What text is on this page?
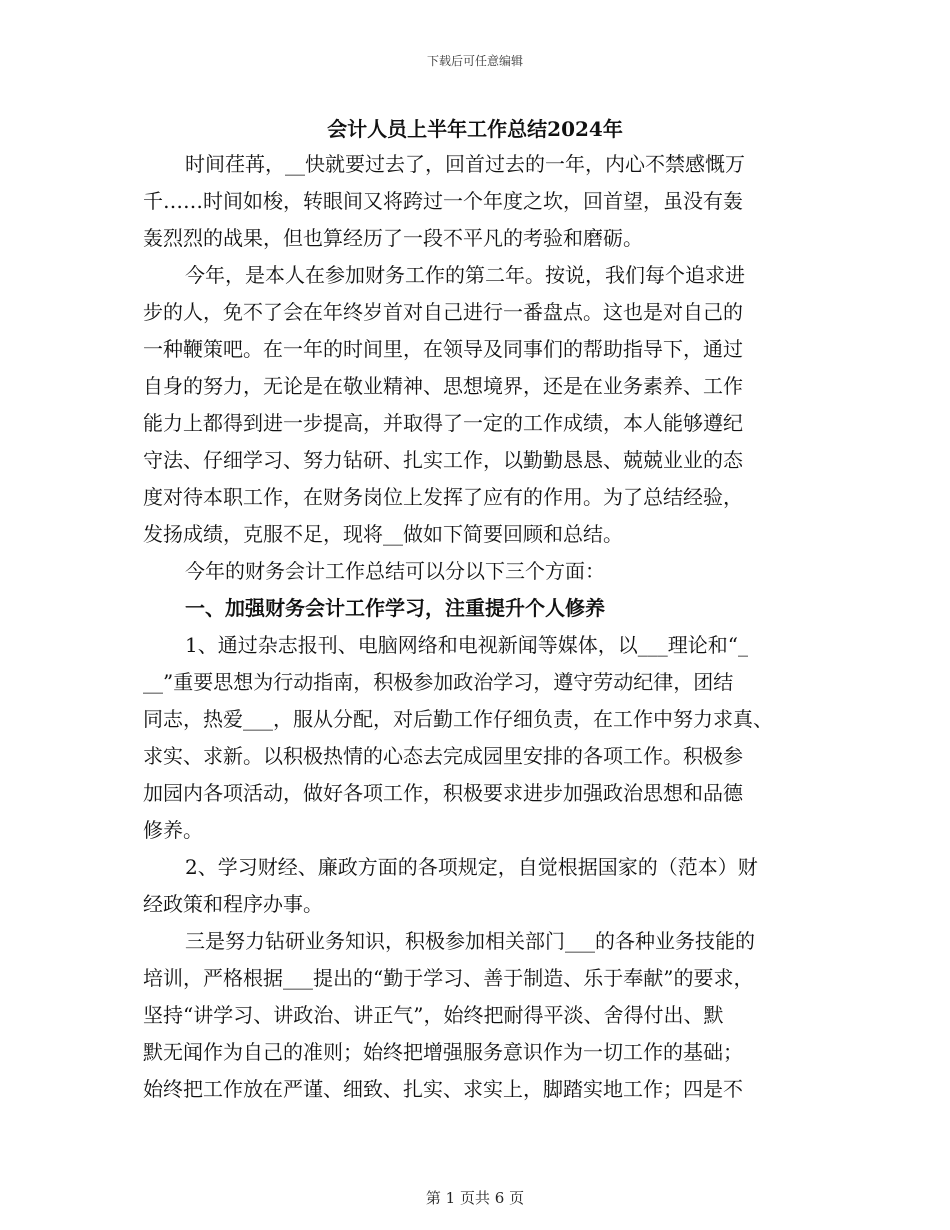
下载后可任意编辑
会计人员上半年工作总结2024年
时间荏苒，__快就要过去了，回首过去的一年，内心不禁感慨万
千……时间如梭，转眼间又将跨过一个年度之坎，回首望，虽没有轰
轰烈烈的战果，但也算经历了一段不平凡的考验和磨砺。
今年，是本人在参加财务工作的第二年。按说，我们每个追求进
步的人，免不了会在年终岁首对自己进行一番盘点。这也是对自己的
一种鞭策吧。在一年的时间里，在领导及同事们的帮助指导下，通过
自身的努力，无论是在敬业精神、思想境界，还是在业务素养、工作
能力上都得到进一步提高，并取得了一定的工作成绩，本人能够遵纪
守法、仔细学习、努力钻研、扎实工作，以勤勤恳恳、兢兢业业的态
度对待本职工作，在财务岗位上发挥了应有的作用。为了总结经验，
发扬成绩，克服不足，现将__做如下简要回顾和总结。
今年的财务会计工作总结可以分以下三个方面：
一、加强财务会计工作学习，注重提升个人修养
1、通过杂志报刊、电脑网络和电视新闻等媒体，以___理论和“_
__”重要思想为行动指南，积极参加政治学习，遵守劳动纪律，团结
同志，热爱___，服从分配，对后勤工作仔细负责，在工作中努力求真、
求实、求新。以积极热情的心态去完成园里安排的各项工作。积极参
加园内各项活动，做好各项工作，积极要求进步加强政治思想和品德
修养。
2、学习财经、廉政方面的各项规定，自觉根据国家的（范本）财
经政策和程序办事。
三是努力钻研业务知识，积极参加相关部门___的各种业务技能的
培训，严格根据___提出的“勤于学习、善于制造、乐于奉献”的要求，
坚持“讲学习、讲政治、讲正气”，始终把耐得平淡、舍得付出、默
默无闻作为自己的准则；始终把增强服务意识作为一切工作的基础；
始终把工作放在严谨、细致、扎实、求实上，脚踏实地工作；四是不
第 1 页共 6 页
